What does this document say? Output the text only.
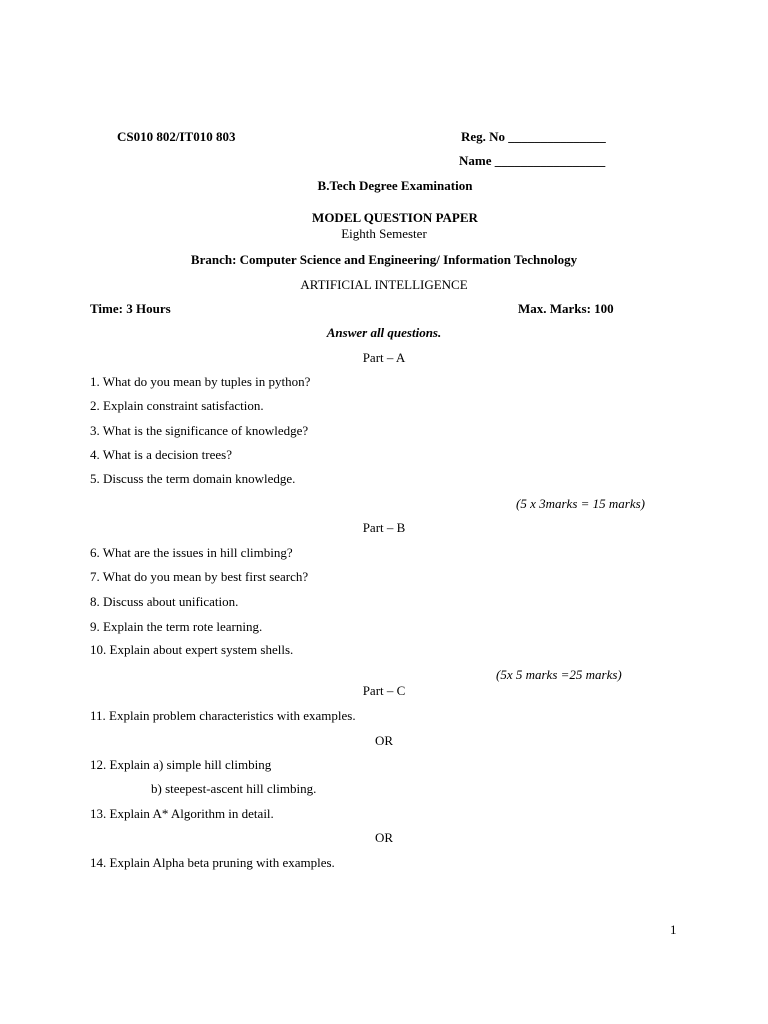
CS010 802/IT010 803	Reg. No _______________
Name _________________
B.Tech Degree Examination
MODEL QUESTION PAPER
Eighth Semester
Branch: Computer Science and Engineering/ Information Technology
ARTIFICIAL INTELLIGENCE
Time: 3 Hours	Max. Marks: 100
Answer all questions.
Part – A
1. What do you mean by tuples in python?
2. Explain constraint satisfaction.
3. What is the significance of knowledge?
4. What is a decision trees?
5. Discuss the term domain knowledge.
(5 x 3marks = 15 marks)
Part – B
6. What are the issues in hill climbing?
7. What do you mean by best first search?
8. Discuss about unification.
9. Explain the term rote learning.
10. Explain about expert system shells.
(5x 5 marks =25 marks)
Part – C
11. Explain problem characteristics with examples.
OR
12. Explain a) simple hill climbing
b) steepest-ascent hill climbing.
13. Explain A* Algorithm in detail.
OR
14. Explain Alpha beta pruning with examples.
1
